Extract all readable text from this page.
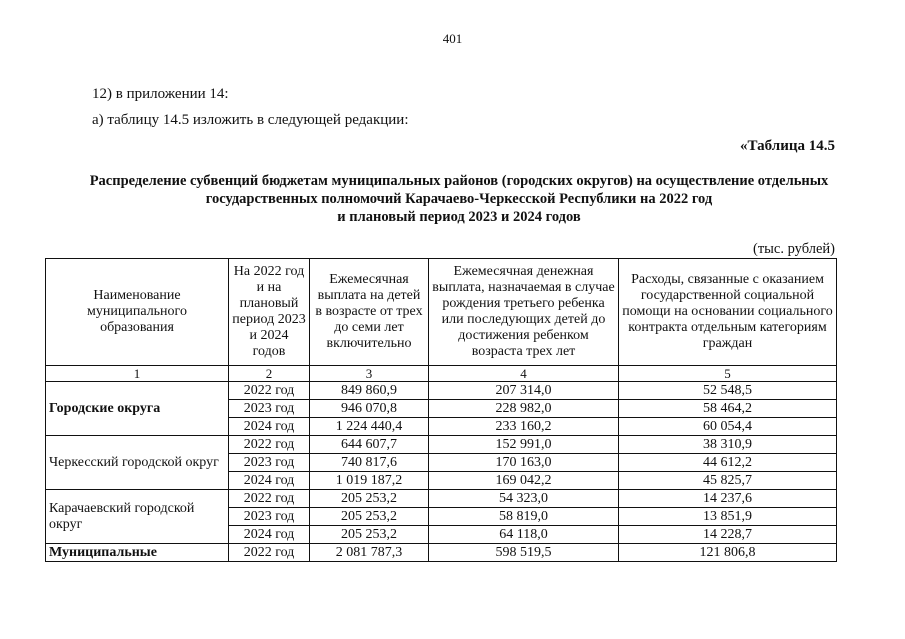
401
12) в приложении 14:
а) таблицу 14.5 изложить в следующей редакции:
«Таблица 14.5
Распределение субвенций бюджетам муниципальных районов (городских округов) на осуществление отдельных
государственных полномочий Карачаево-Черкесской Республики на 2022 год
и плановый период 2023 и 2024 годов
(тыс. рублей)
Наименование муниципального образования	На 2022 год и на плановый период 2023 и 2024 годов	Ежемесячная выплата на детей в возрасте от трех до семи лет включительно	Ежемесячная денежная выплата, назначаемая в случае рождения третьего ребенка или последующих детей до достижения ребенком возраста трех лет	Расходы, связанные с оказанием государственной социальной помощи на основании социального контракта отдельным категориям граждан
1	2	3	4	5
Городские округа	2022 год	849 860,9	207 314,0	52 548,5
	2023 год	946 070,8	228 982,0	58 464,2
	2024 год	1 224 440,4	233 160,2	60 054,4
Черкесский городской округ	2022 год	644 607,7	152 991,0	38 310,9
	2023 год	740 817,6	170 163,0	44 612,2
	2024 год	1 019 187,2	169 042,2	45 825,7
Карачаевский городской округ	2022 год	205 253,2	54 323,0	14 237,6
	2023 год	205 253,2	58 819,0	13 851,9
	2024 год	205 253,2	64 118,0	14 228,7
Муниципальные	2022 год	2 081 787,3	598 519,5	121 806,8
